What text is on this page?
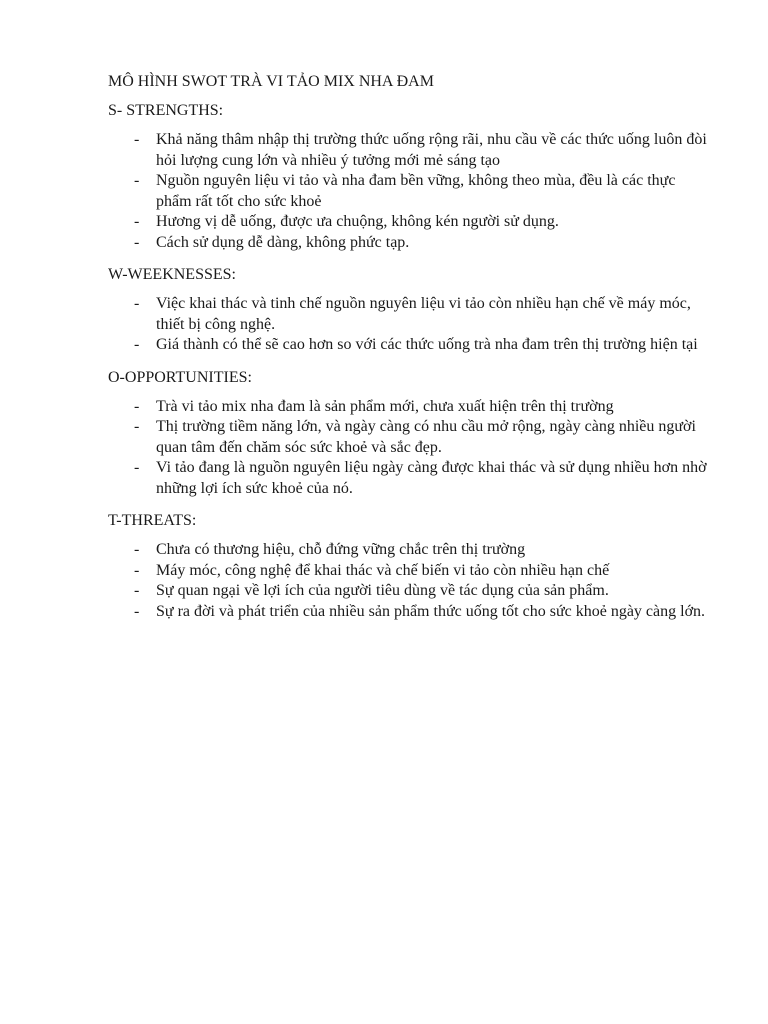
MÔ HÌNH SWOT TRÀ VI TẢO MIX NHA ĐAM

S- STRENGTHS:

- Khả năng thâm nhập thị trường thức uống rộng rãi, nhu cầu về các thức uống luôn đòi hỏi lượng cung lớn và nhiều ý tưởng mới mẻ sáng tạo
- Nguồn nguyên liệu vi tảo và nha đam bền vững, không theo mùa, đều là các thực phẩm rất tốt cho sức khoẻ
- Hương vị dễ uống, được ưa chuộng, không kén người sử dụng.
- Cách sử dụng dễ dàng, không phức tạp.

W-WEEKNESSES:

- Việc khai thác và tinh chế nguồn nguyên liệu vi tảo còn nhiều hạn chế về máy móc, thiết bị công nghệ.
- Giá thành có thể sẽ cao hơn so với các thức uống trà nha đam trên thị trường hiện tại

O-OPPORTUNITIES:

- Trà vi tảo mix nha đam là sản phẩm mới, chưa xuất hiện trên thị trường
- Thị trường tiềm năng lớn, và ngày càng có nhu cầu mở rộng, ngày càng nhiều người quan tâm đến chăm sóc sức khoẻ và sắc đẹp.
- Vi tảo đang là nguồn nguyên liệu ngày càng được khai thác và sử dụng nhiều hơn nhờ những lợi ích sức khoẻ của nó.

T-THREATS:

- Chưa có thương hiệu, chỗ đứng vững chắc trên thị trường
- Máy móc, công nghệ để khai thác và chế biến vi tảo còn nhiều hạn chế
- Sự quan ngại về lợi ích của người tiêu dùng về tác dụng của sản phẩm.
- Sự ra đời và phát triển của nhiều sản phẩm thức uống tốt cho sức khoẻ ngày càng lớn.
